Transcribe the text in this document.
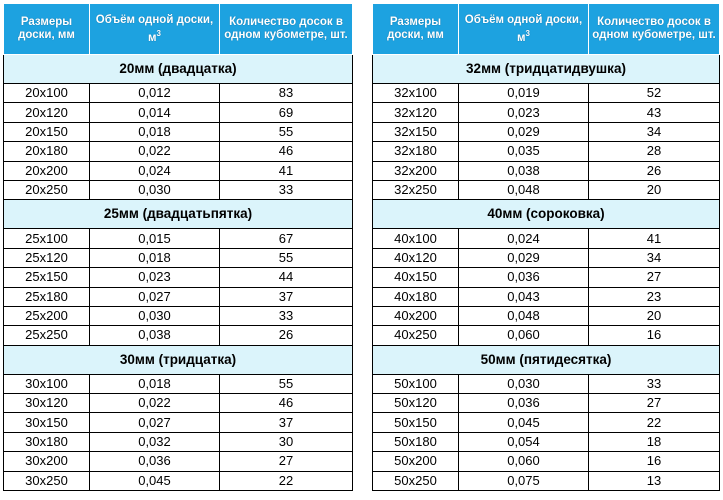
Размеры доски, мм	Объём одной доски, $м^3$	Количество досок в одном кубометре, шт.
20мм (двадцатка)		
20x100	0,012	83
20x120	0,014	69
20x150	0,018	55
20x180	0,022	46
20x200	0,024	41
20x250	0,030	33
25мм (двадцатьпятка)		
25x100	0,015	67
25x120	0,018	55
25x150	0,023	44
25x180	0,027	37
25x200	0,030	33
25x250	0,038	26
30мм (тридцатка)		
30x100	0,018	55
30x120	0,022	46
30x150	0,027	37
30x180	0,032	30
30x200	0,036	27
30x250	0,045	22
Размеры доски, мм	Объём одной доски, $м^3$	Количество досок в одном кубометре, шт.
32мм (тридцатидвушка)		
32x100	0,019	52
32x120	0,023	43
32x150	0,029	34
32x180	0,035	28
32x200	0,038	26
32x250	0,048	20
40мм (сороковка)		
40x100	0,024	41
40x120	0,029	34
40x150	0,036	27
40x180	0,043	23
40x200	0,048	20
40x250	0,060	16
50мм (пятидесятка)		
50x100	0,030	33
50x120	0,036	27
50x150	0,045	22
50x180	0,054	18
50x200	0,060	16
50x250	0,075	13
